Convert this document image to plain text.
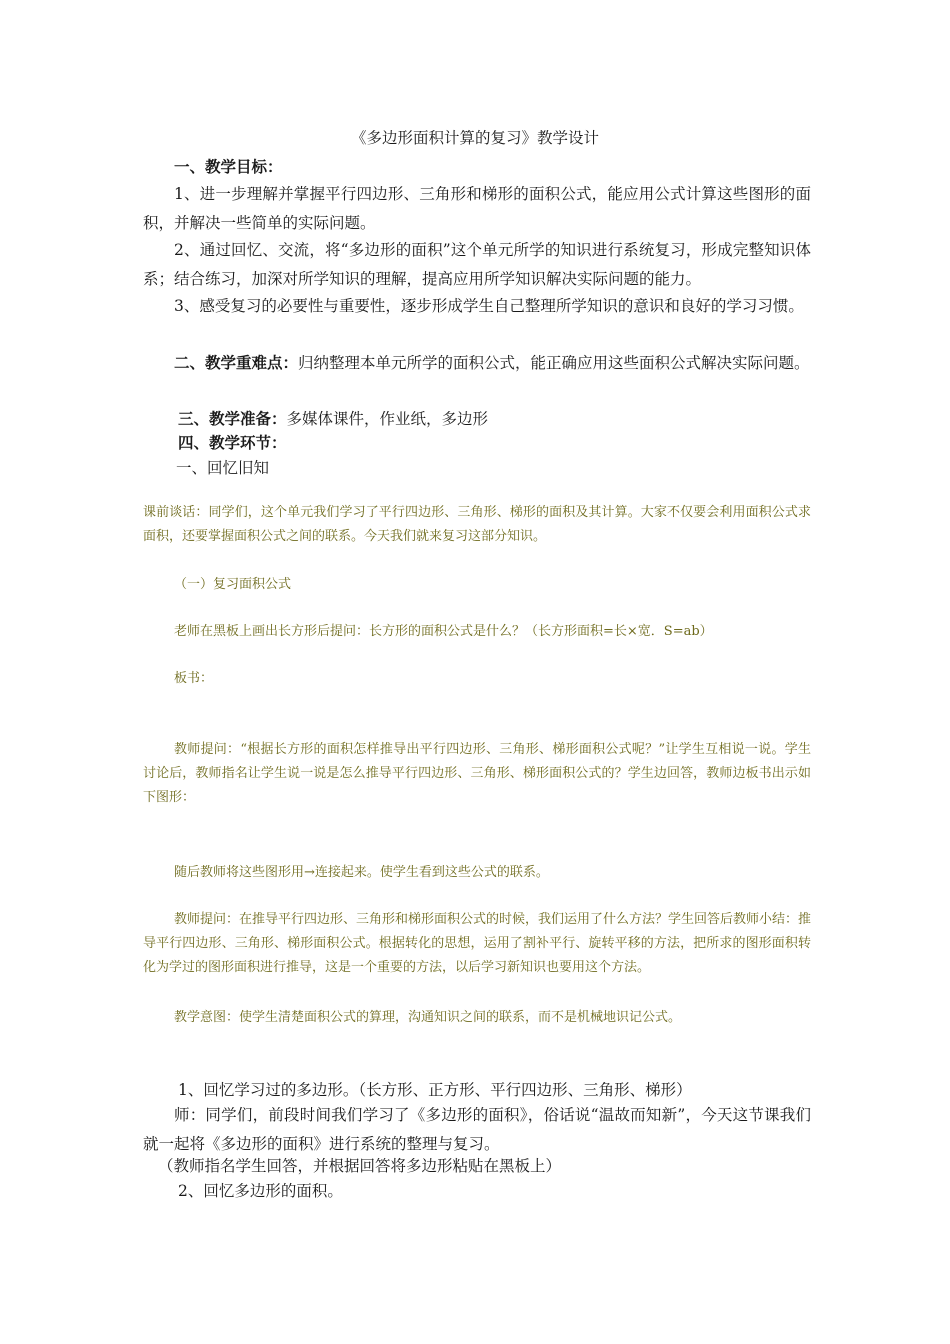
《多边形面积计算的复习》教学设计

一、教学目标：

1、进一步理解并掌握平行四边形、三角形和梯形的面积公式，能应用公式计算这些图形的面积，并解决一些简单的实际问题。

2、通过回忆、交流，将“多边形的面积”这个单元所学的知识进行系统复习，形成完整知识体系；结合练习，加深对所学知识的理解，提高应用所学知识解决实际问题的能力。

3、感受复习的必要性与重要性，逐步形成学生自己整理所学知识的意识和良好的学习习惯。

二、教学重难点：归纳整理本单元所学的面积公式，能正确应用这些面积公式解决实际问题。

三、教学准备：多媒体课件，作业纸，多边形

四、教学环节：

一、回忆旧知

课前谈话：同学们，这个单元我们学习了平行四边形、三角形、梯形的面积及其计算。大家不仅要会利用面积公式求面积，还要掌握面积公式之间的联系。今天我们就来复习这部分知识。

（一）复习面积公式

老师在黑板上画出长方形后提问：长方形的面积公式是什么？（长方形面积=长×宽．S=ab）

板书：

教师提问：“根据长方形的面积怎样推导出平行四边形、三角形、梯形面积公式呢？”让学生互相说一说。学生讨论后，教师指名让学生说一说是怎么推导平行四边形、三角形、梯形面积公式的？学生边回答，教师边板书出示如下图形：

随后教师将这些图形用→连接起来。使学生看到这些公式的联系。

教师提问：在推导平行四边形、三角形和梯形面积公式的时候，我们运用了什么方法？学生回答后教师小结：推导平行四边形、三角形、梯形面积公式。根据转化的思想，运用了割补平行、旋转平移的方法，把所求的图形面积转化为学过的图形面积进行推导，这是一个重要的方法，以后学习新知识也要用这个方法。

教学意图：使学生清楚面积公式的算理，沟通知识之间的联系，而不是机械地识记公式。

1、回忆学习过的多边形。（长方形、正方形、平行四边形、三角形、梯形）

师：同学们，前段时间我们学习了《多边形的面积》，俗话说“温故而知新”，今天这节课我们就一起将《多边形的面积》进行系统的整理与复习。

（教师指名学生回答，并根据回答将多边形粘贴在黑板上）

2、回忆多边形的面积。
